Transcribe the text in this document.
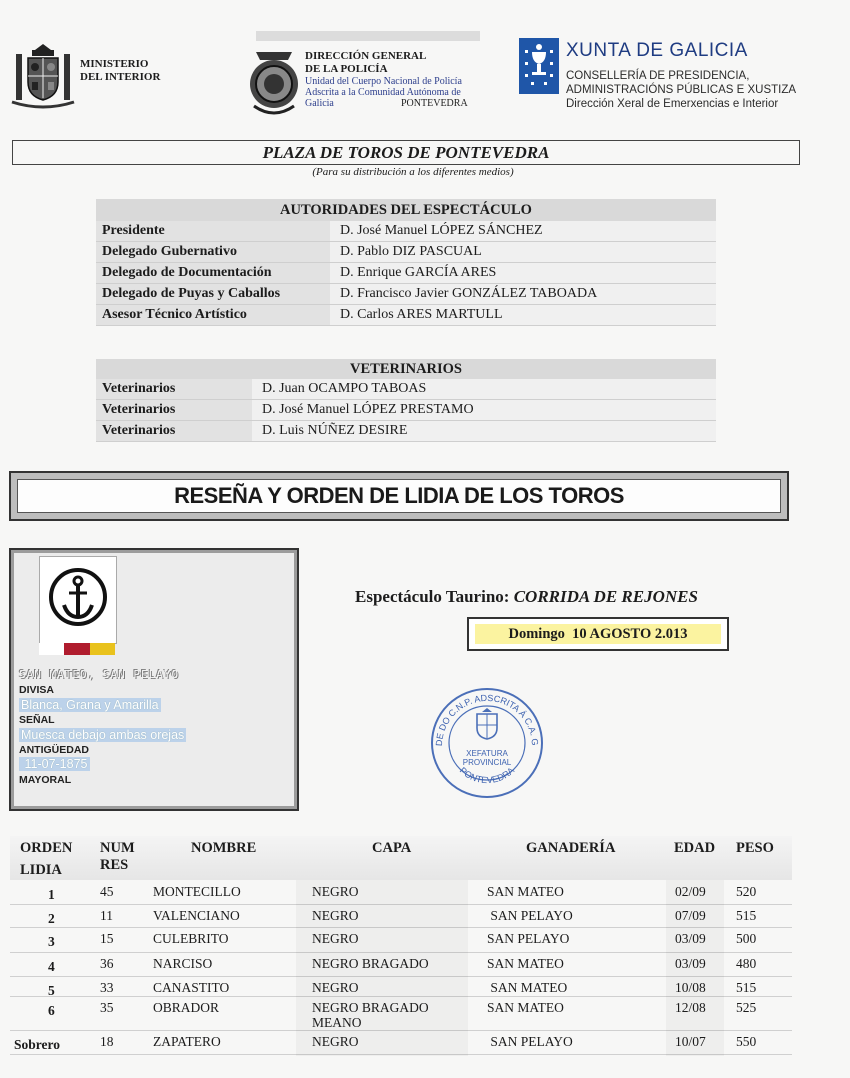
MINISTERIO
DEL INTERIOR
DIRECCIÓN GENERAL
DE LA POLICÍA
Unidad del Cuerpo Nacional de Policía
Adscrita a la Comunidad Autónoma de
Galicia	PONTEVEDRA
XUNTA DE GALICIA
CONSELLERÍA DE PRESIDENCIA,
ADMINISTRACIÓNS PÚBLICAS E XUSTIZA
Dirección Xeral de Emerxencias e Interior
PLAZA DE TOROS DE PONTEVEDRA
(Para su distribución a los diferentes medios)
AUTORIDADES DEL ESPECTÁCULO
Presidente	D. José Manuel LÓPEZ SÁNCHEZ
Delegado Gubernativo	D. Pablo DIZ PASCUAL
Delegado de Documentación	D. Enrique GARCÍA ARES
Delegado de Puyas y Caballos	D. Francisco Javier GONZÁLEZ TABOADA
Asesor Técnico Artístico	D. Carlos ARES MARTULL
VETERINARIOS
Veterinarios	D. Juan OCAMPO TABOAS
Veterinarios	D. José Manuel LÓPEZ PRESTAMO
Veterinarios	D. Luis NÚÑEZ DESIRE
RESEÑA Y ORDEN DE LIDIA DE LOS TOROS
SAN MATEO, SAN PELAYO
DIVISA
Blanca, Grana y Amarilla
SEÑAL
Muesca debajo ambas orejas
ANTIGÜEDAD
11-07-1875
MAYORAL
Espectáculo Taurino: CORRIDA DE REJONES
Domingo  10 AGOSTO 2.013
DE DO C.N.P. ADSCRITA Á C.A. G
XEFATURA
PROVINCIAL
PONTEVEDRA
ORDEN
LIDIA
NUM
RES
NOMBRE	CAPA	GANADERÍA	EDAD PESO
1	45	MONTECILLO	NEGRO	SAN MATEO	02/09 520
2	11	VALENCIANO	NEGRO	SAN PELAYO	07/09 515
3	15	CULEBRITO	NEGRO	SAN PELAYO	03/09 500
4	36	NARCISO	NEGRO BRAGADO	SAN MATEO	03/09 480
5	33	CANASTITO	NEGRO	SAN MATEO	10/08 515
6	35	OBRADOR	NEGRO BRAGADO	SAN MATEO	12/08 525
MEANO
Sobrero	18	ZAPATERO	NEGRO	SAN PELAYO	10/07 550
